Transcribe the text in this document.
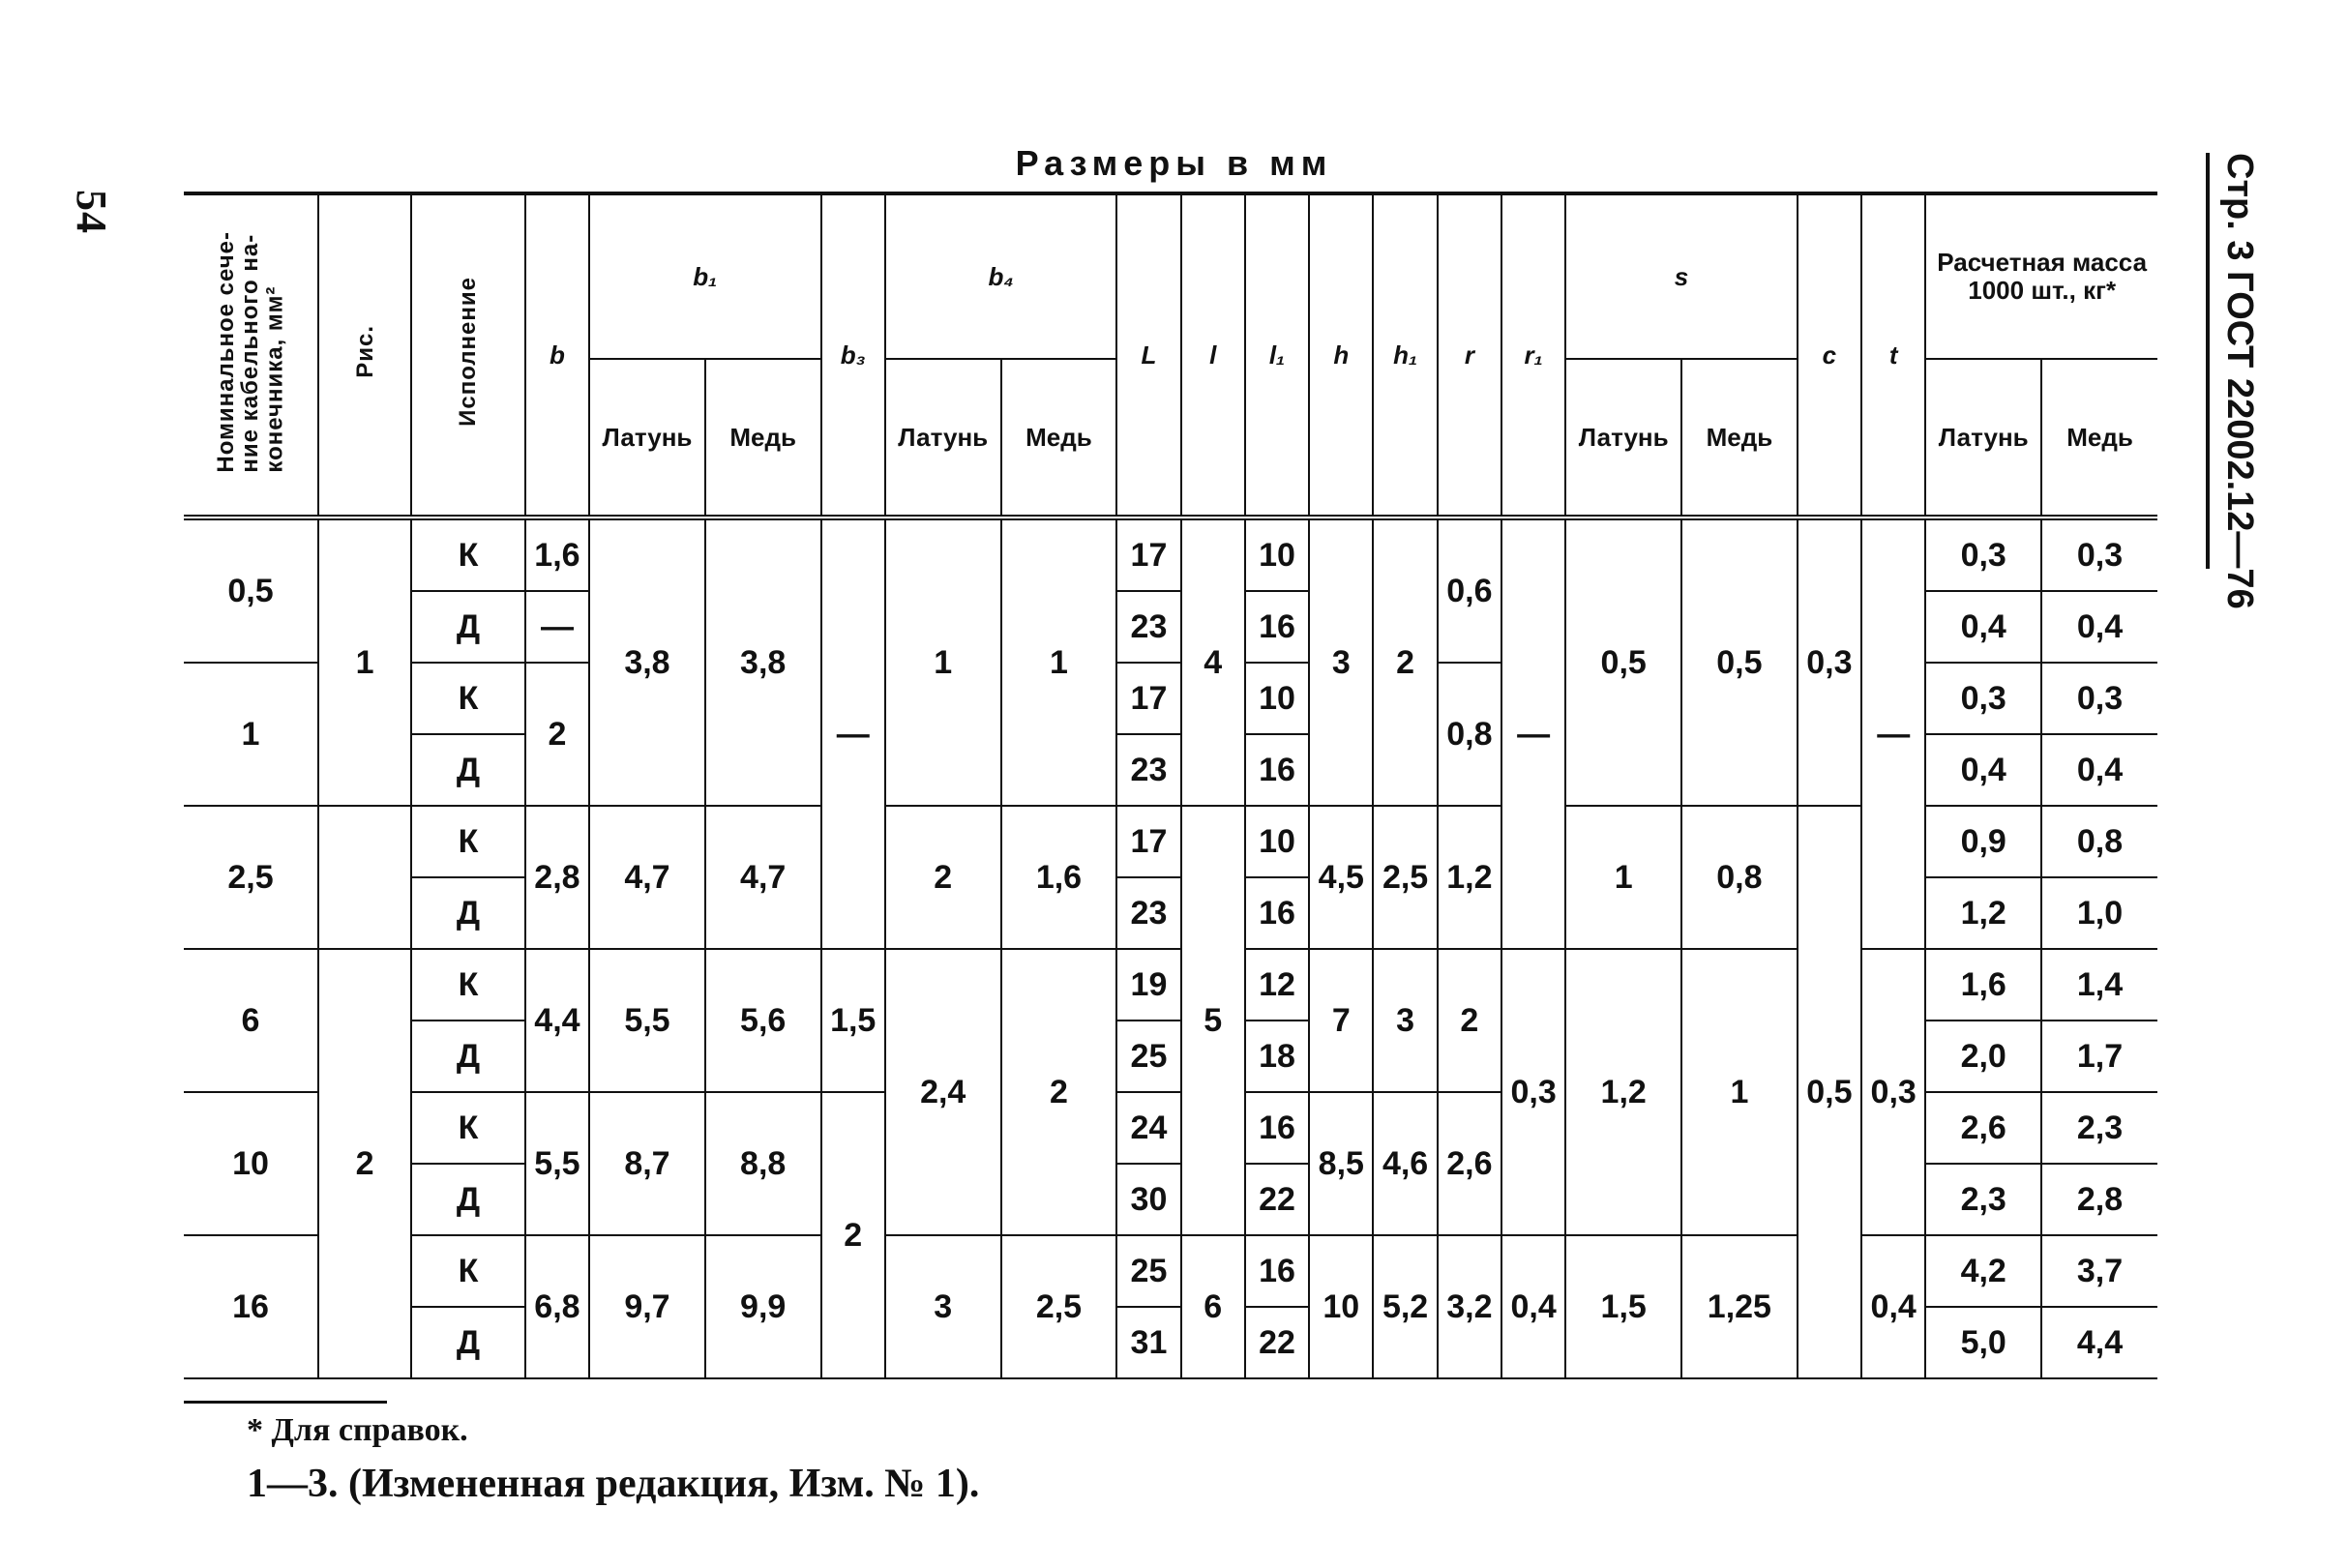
54	Стр. 3 ГОСТ 22002.12—76
Размеры в мм
Номинальное сече-
ние кабельного на-
конечника, мм²	Рис.	Исполнение	b	b₁		b₃	b₄		L	l	l₁	h	h₁	r	r₁	s		c	t	Расчетная масса 1000 шт., кг*	
				Латунь	Медь		Латунь	Медь								Латунь	Медь			Латунь	Медь
0,5	1	К	1,6	3,8	3,8	—	1	1	17	4	10	3	2	0,6	—	0,5	0,5	0,3	—	0,3	0,3
		Д	—						23		16									0,4	0,4
1		К	2						17		10			0,8						0,3	0,3
		Д							23		16									0,4	0,4
2,5		К	2,8	4,7	4,7		2	1,6	17	5	10	4,5	2,5	1,2		1	0,8	0,5		0,9	0,8
		Д							23		16									1,2	1,0
6	2	К	4,4	5,5	5,6	1,5	2,4	2	19		12	7	3	2	0,3	1,2	1		0,3	1,6	1,4
		Д							25		18									2,0	1,7
10		К	5,5	8,7	8,8	2			24		16	8,5	4,6	2,6						2,6	2,3
		Д							30		22									2,3	2,8
16		К	6,8	9,7	9,9		3	2,5	25	6	16	10	5,2	3,2	0,4	1,5	1,25		0,4	4,2	3,7
		Д							31		22									5,0	4,4
* Для справок.
1—3. (Измененная редакция, Изм. № 1).
